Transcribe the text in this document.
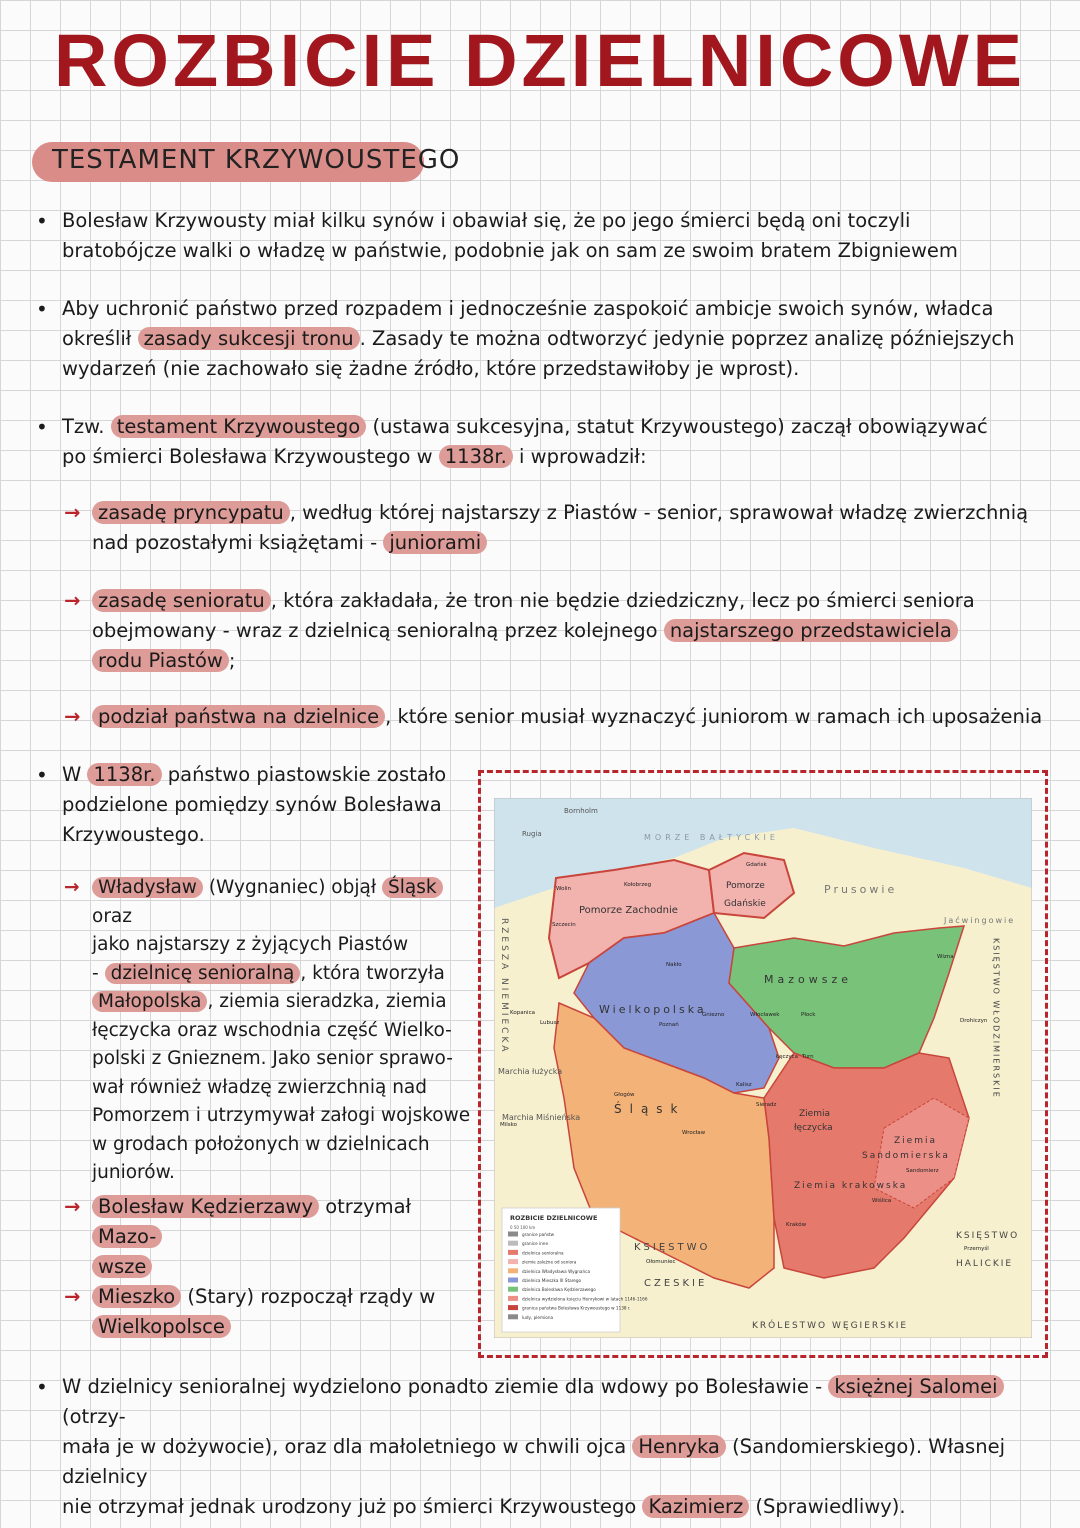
ROZBICIE DZIELNICOWE
TESTAMENT KRZYWOUSTEGO
• Bolesław Krzywousty miał kilku synów i obawiał się, że po jego śmierci będą oni toczyli
bratobójcze walki o władzę w państwie, podobnie jak on sam ze swoim bratem Zbigniewem
• Aby uchronić państwo przed rozpadem i jednocześnie zaspokoić ambicje swoich synów, władca
określił zasady sukcesji tronu . Zasady te można odtworzyć jedynie poprzez analizę późniejszych
wydarzeń (nie zachowało się żadne źródło, które przedstawiłoby je wprost).
• Tzw. testament Krzywoustego (ustawa sukcesyjna, statut Krzywoustego) zaczął obowiązywać
po śmierci Bolesława Krzywoustego w 1138r. i wprowadził:
→ zasadę pryncypatu , według której najstarszy z Piastów - senior, sprawował władzę zwierzchnią
nad pozostałymi książętami - juniorami
→ zasadę senioratu , która zakładała, że tron nie będzie dziedziczny, lecz po śmierci seniora
obejmowany - wraz z dzielnicą senioralną przez kolejnego najstarszego przedstawiciela
rodu Piastów ;
→ podział państwa na dzielnice , które senior musiał wyznaczyć juniorom w ramach ich uposażenia
• W 1138r. państwo piastowskie zostało
podzielone pomiędzy synów Bolesława
Krzywoustego.
→ Władysław (Wygnaniec) objął Śląsk oraz
jako najstarszy z żyjących Piastów
- dzielnicę senioralną , która tworzyła
Małopolska , ziemia sieradzka, ziemia
łęczycka oraz wschodnia część Wielko-
polski z Gnieznem. Jako senior sprawo-
wał również władzę zwierzchnią nad
Pomorzem i utrzymywał załogi wojskowe
w grodach położonych w dzielnicach
juniorów.
→ Bolesław Kędzierzawy otrzymał Mazo-
wsze
→ Mieszko (Stary) rozpoczął rządy w
Wielkopolsce
MORZE BAŁTYCKIE
Bornholm
Rugia
Prusowie
Jaćwingowie
Pomorze Zachodnie
Pomorze
Gdańskie
Mazowsze
Wielkopolska
Śląsk	Ziemia
łęczycka
Ziemia
Sandomierska
Ziemia krakowska
RZESZA NIEMIECKA
Marchia łużycka
Marchia Miśnieńska
KSIĘSTWO
CZESKIE
KSIĘSTWO
HALICKIE
KSIĘSTWO WŁODZIMIERSKIE
KRÓLESTWO WĘGIERSKIE
Wolin
Kołobrzeg
Gdańsk
Szczecin
Nakło
Poznań
Gniezno	Płock
Włocławek
Wizna
Lubusz
Kopanica
Głogów
Łęczyca Turn
Kalisz
Sieradz
Wrocław
Kraków
Sandomierz
Wiślica
Drohiczyn
Przemyśl
Milsko
Ołomuniec
ROZBICIE DZIELNICOWE
0 50 100 km
granice państw
granice inne
dzielnica senioralna
ziemie zależne od seniora
dzielnica Władysława Wygnańca
dzielnica Mieszka III Starego
dzielnica Bolesława Kędzierzawego
dzielnica wydzielona księciu Henrykowi w latach 1146-1166
granica państwa Bolesława Krzywoustego w 1138 r.
ludy, plemiona
• W dzielnicy senioralnej wydzielono ponadto ziemie dla wdowy po Bolesławie - księżnej Salomei (otrzy-
mała je w dożywocie), oraz dla małoletniego w chwili ojca Henryka (Sandomierskiego). Własnej dzielnicy
nie otrzymał jednak urodzony już po śmierci Krzywoustego Kazimierz (Sprawiedliwy).
